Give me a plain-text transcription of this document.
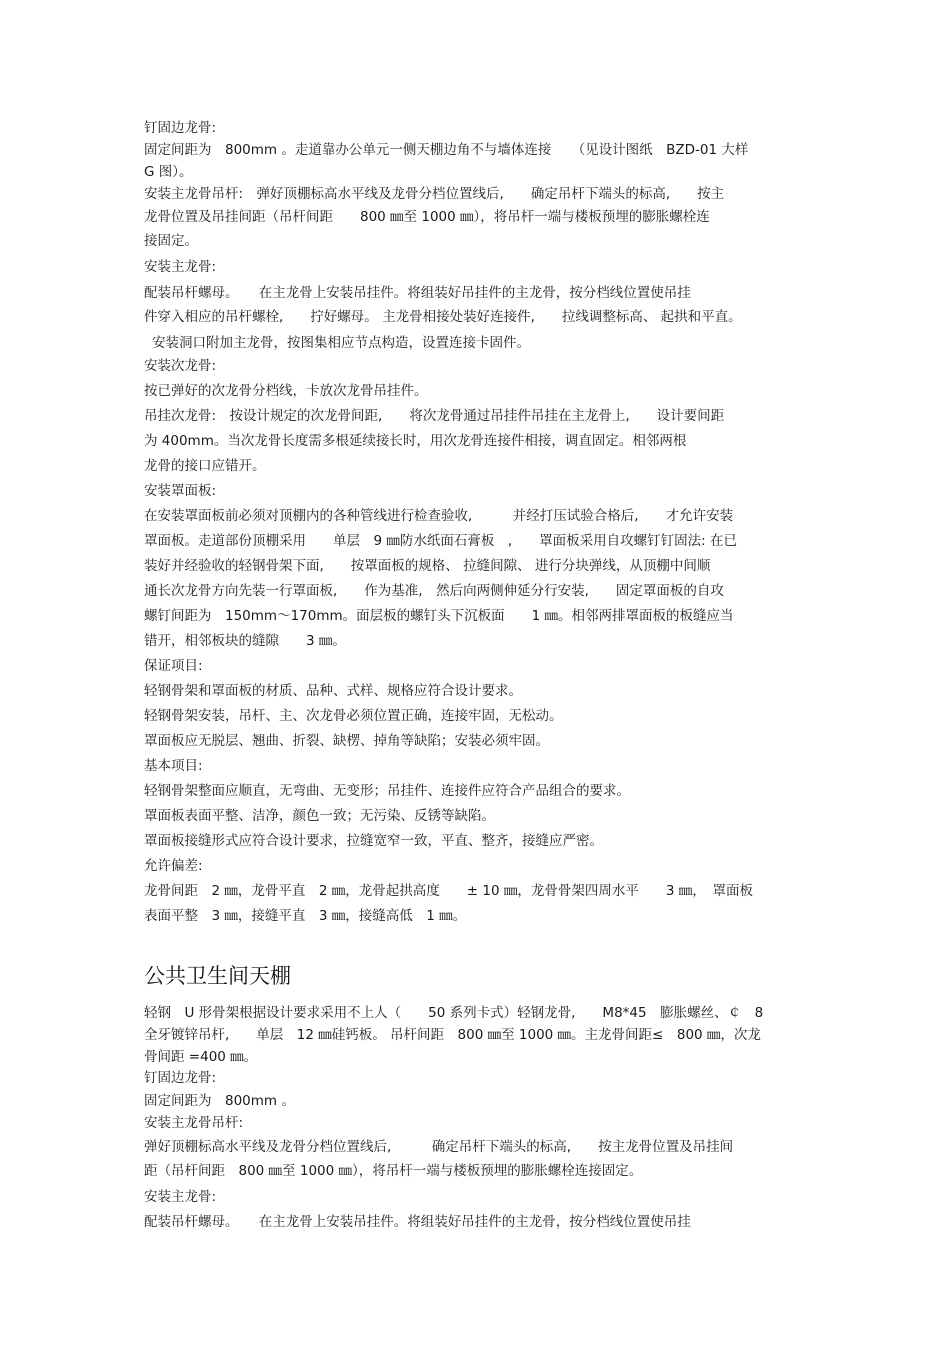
钉固边龙骨:
固定间距为　800mm 。走道靠办公单元一侧天棚边角不与墙体连接　　（见设计图纸　BZD-01 大样
G 图）。
安装主龙骨吊杆:　弹好顶棚标高水平线及龙骨分档位置线后,　　确定吊杆下端头的标高,　　按主
龙骨位置及吊挂间距（吊杆间距　　800 ㎜至 1000 ㎜），将吊杆一端与楼板预埋的膨胀螺栓连
接固定。
安装主龙骨:
配装吊杆螺母。　　在主龙骨上安装吊挂件。将组装好吊挂件的主龙骨，按分档线位置使吊挂
件穿入相应的吊杆螺栓,　　拧好螺母。 主龙骨相接处装好连接件,　　拉线调整标高、 起拱和平直。
安装洞口附加主龙骨，按图集相应节点构造，设置连接卡固件。
安装次龙骨:
按已弹好的次龙骨分档线，卡放次龙骨吊挂件。
吊挂次龙骨:　按设计规定的次龙骨间距,　　将次龙骨通过吊挂件吊挂在主龙骨上,　　设计要间距
为 400mm。当次龙骨长度需多根延续接长时，用次龙骨连接件相接，调直固定。相邻两根
龙骨的接口应错开。
安装罩面板:
在安装罩面板前必须对顶棚内的各种管线进行检查验收,　　　并经打压试验合格后,　　才允许安装
罩面板。走道部份顶棚采用　　单层　9 ㎜防水纸面石膏板　,　　罩面板采用自攻螺钉钉固法: 在已
装好并经验收的轻钢骨架下面,　　按罩面板的规格、 拉缝间隙、 进行分块弹线，从顶棚中间顺
通长次龙骨方向先装一行罩面板,　　作为基准,　然后向两侧伸延分行安装,　　固定罩面板的自攻
螺钉间距为　150mm～170mm。面层板的螺钉头下沉板面　　1 ㎜。相邻两排罩面板的板缝应当
错开，相邻板块的缝隙　　3 ㎜。
保证项目:
轻钢骨架和罩面板的材质、品种、式样、规格应符合设计要求。
轻钢骨架安装，吊杆、主、次龙骨必须位置正确，连接牢固，无松动。
罩面板应无脱层、翘曲、折裂、缺楞、掉角等缺陷；安装必须牢固。
基本项目:
轻钢骨架整面应顺直，无弯曲、无变形；吊挂件、连接件应符合产品组合的要求。
罩面板表面平整、洁净，颜色一致；无污染、反锈等缺陷。
罩面板接缝形式应符合设计要求，拉缝宽窄一致，平直、整齐，接缝应严密。
允许偏差:
龙骨间距　2 ㎜，龙骨平直　2 ㎜，龙骨起拱高度　　± 10 ㎜，龙骨骨架四周水平　　3 ㎜，　罩面板
表面平整　3 ㎜，接缝平直　3 ㎜，接缝高低　1 ㎜。
公共卫生间天棚
轻钢　U 形骨架根据设计要求采用不上人（　　50 系列卡式）轻钢龙骨,　　M8*45　膨胀螺丝、￠　8
全牙镀锌吊杆,　　单层　12 ㎜硅钙板。 吊杆间距　800 ㎜至 1000 ㎜。主龙骨间距≤　800 ㎜，次龙
骨间距 =400 ㎜。
钉固边龙骨:
固定间距为　800mm 。
安装主龙骨吊杆:
弹好顶棚标高水平线及龙骨分档位置线后,　　　确定吊杆下端头的标高,　　按主龙骨位置及吊挂间
距（吊杆间距　800 ㎜至 1000 ㎜），将吊杆一端与楼板预埋的膨胀螺栓连接固定。
安装主龙骨:
配装吊杆螺母。　　在主龙骨上安装吊挂件。将组装好吊挂件的主龙骨，按分档线位置使吊挂
